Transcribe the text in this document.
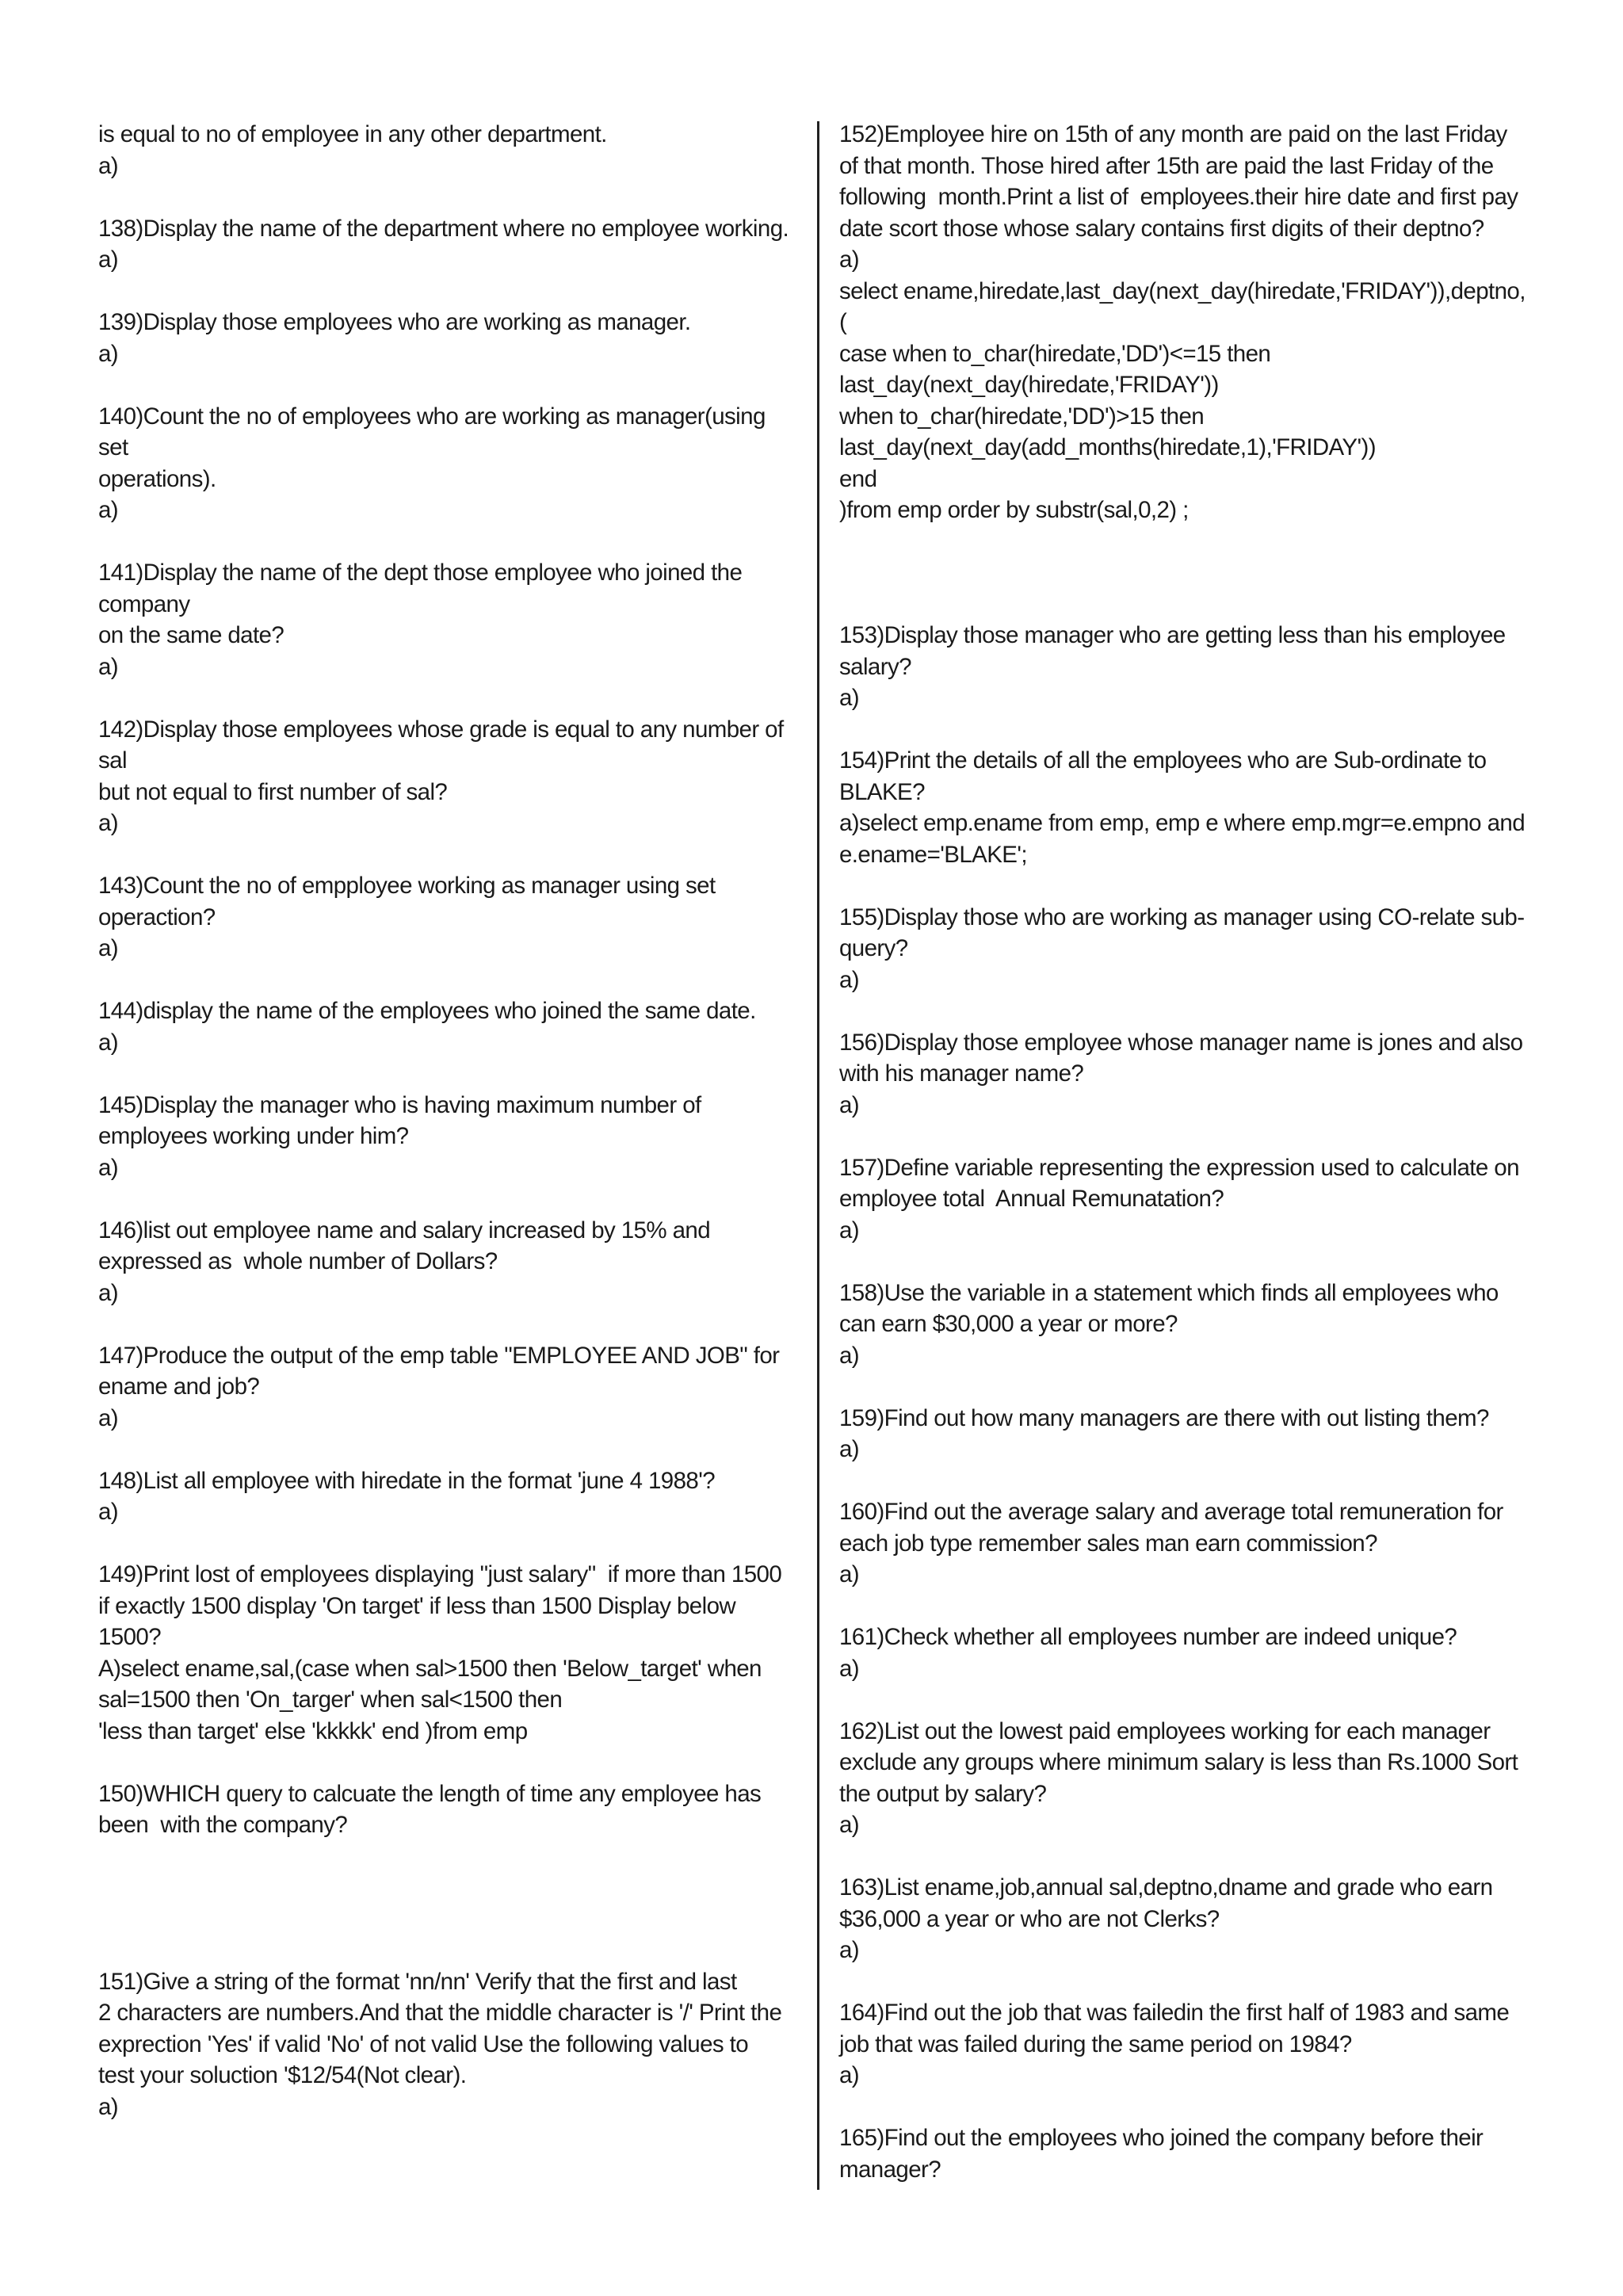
is equal to no of employee in any other department.
a)
138)Display the name of the department where no employee working.
a)
139)Display those employees who are working as manager.
a)
140)Count the no of employees who are working as manager(using
set
operations).
a)
141)Display the name of the dept those employee who joined the
company
on the same date?
a)
142)Display those employees whose grade is equal to any number of
sal
but not equal to first number of sal?
a)
143)Count the no of empployee working as manager using set
operaction?
a)
144)display the name of the employees who joined the same date.
a)
145)Display the manager who is having maximum number of
employees working under him?
a)
146)list out employee name and salary increased by 15% and
expressed as  whole number of Dollars?
a)
147)Produce the output of the emp table "EMPLOYEE AND JOB" for
ename and job?
a)
148)List all employee with hiredate in the format 'june 4 1988'?
a)
149)Print lost of employees displaying "just salary"  if more than 1500
if exactly 1500 display 'On target' if less than 1500 Display below
1500?
A)select ename,sal,(case when sal>1500 then 'Below_target' when
sal=1500 then 'On_targer' when sal<1500 then
'less than target' else 'kkkkk' end )from emp
150)WHICH query to calcuate the length of time any employee has
been  with the company?
151)Give a string of the format 'nn/nn' Verify that the first and last
2 characters are numbers.And that the middle character is '/' Print the
exprection 'Yes' if valid 'No' of not valid Use the following values to
test your soluction '$12/54(Not clear).
a)
152)Employee hire on 15th of any month are paid on the last Friday
of that month. Those hired after 15th are paid the last Friday of the
following  month.Print a list of  employees.their hire date and first pay
date scort those whose salary contains first digits of their deptno?
a)
select ename,hiredate,last_day(next_day(hiredate,'FRIDAY')),deptno,
(
case when to_char(hiredate,'DD')<=15 then
last_day(next_day(hiredate,'FRIDAY'))
when to_char(hiredate,'DD')>15 then
last_day(next_day(add_months(hiredate,1),'FRIDAY'))
end
)from emp order by substr(sal,0,2) ;
153)Display those manager who are getting less than his employee
salary?
a)
154)Print the details of all the employees who are Sub-ordinate to
BLAKE?
a)select emp.ename from emp, emp e where emp.mgr=e.empno and
e.ename='BLAKE';
155)Display those who are working as manager using CO-relate sub-
query?
a)
156)Display those employee whose manager name is jones and also
with his manager name?
a)
157)Define variable representing the expression used to calculate on
employee total  Annual Remunatation?
a)
158)Use the variable in a statement which finds all employees who
can earn $30,000 a year or more?
a)
159)Find out how many managers are there with out listing them?
a)
160)Find out the average salary and average total remuneration for
each job type remember sales man earn commission?
a)
161)Check whether all employees number are indeed unique?
a)
162)List out the lowest paid employees working for each manager
exclude any groups where minimum salary is less than Rs.1000 Sort
the output by salary?
a)
163)List ename,job,annual sal,deptno,dname and grade who earn
$36,000 a year or who are not Clerks?
a)
164)Find out the job that was failedin the first half of 1983 and same
job that was failed during the same period on 1984?
a)
165)Find out the employees who joined the company before their
manager?
